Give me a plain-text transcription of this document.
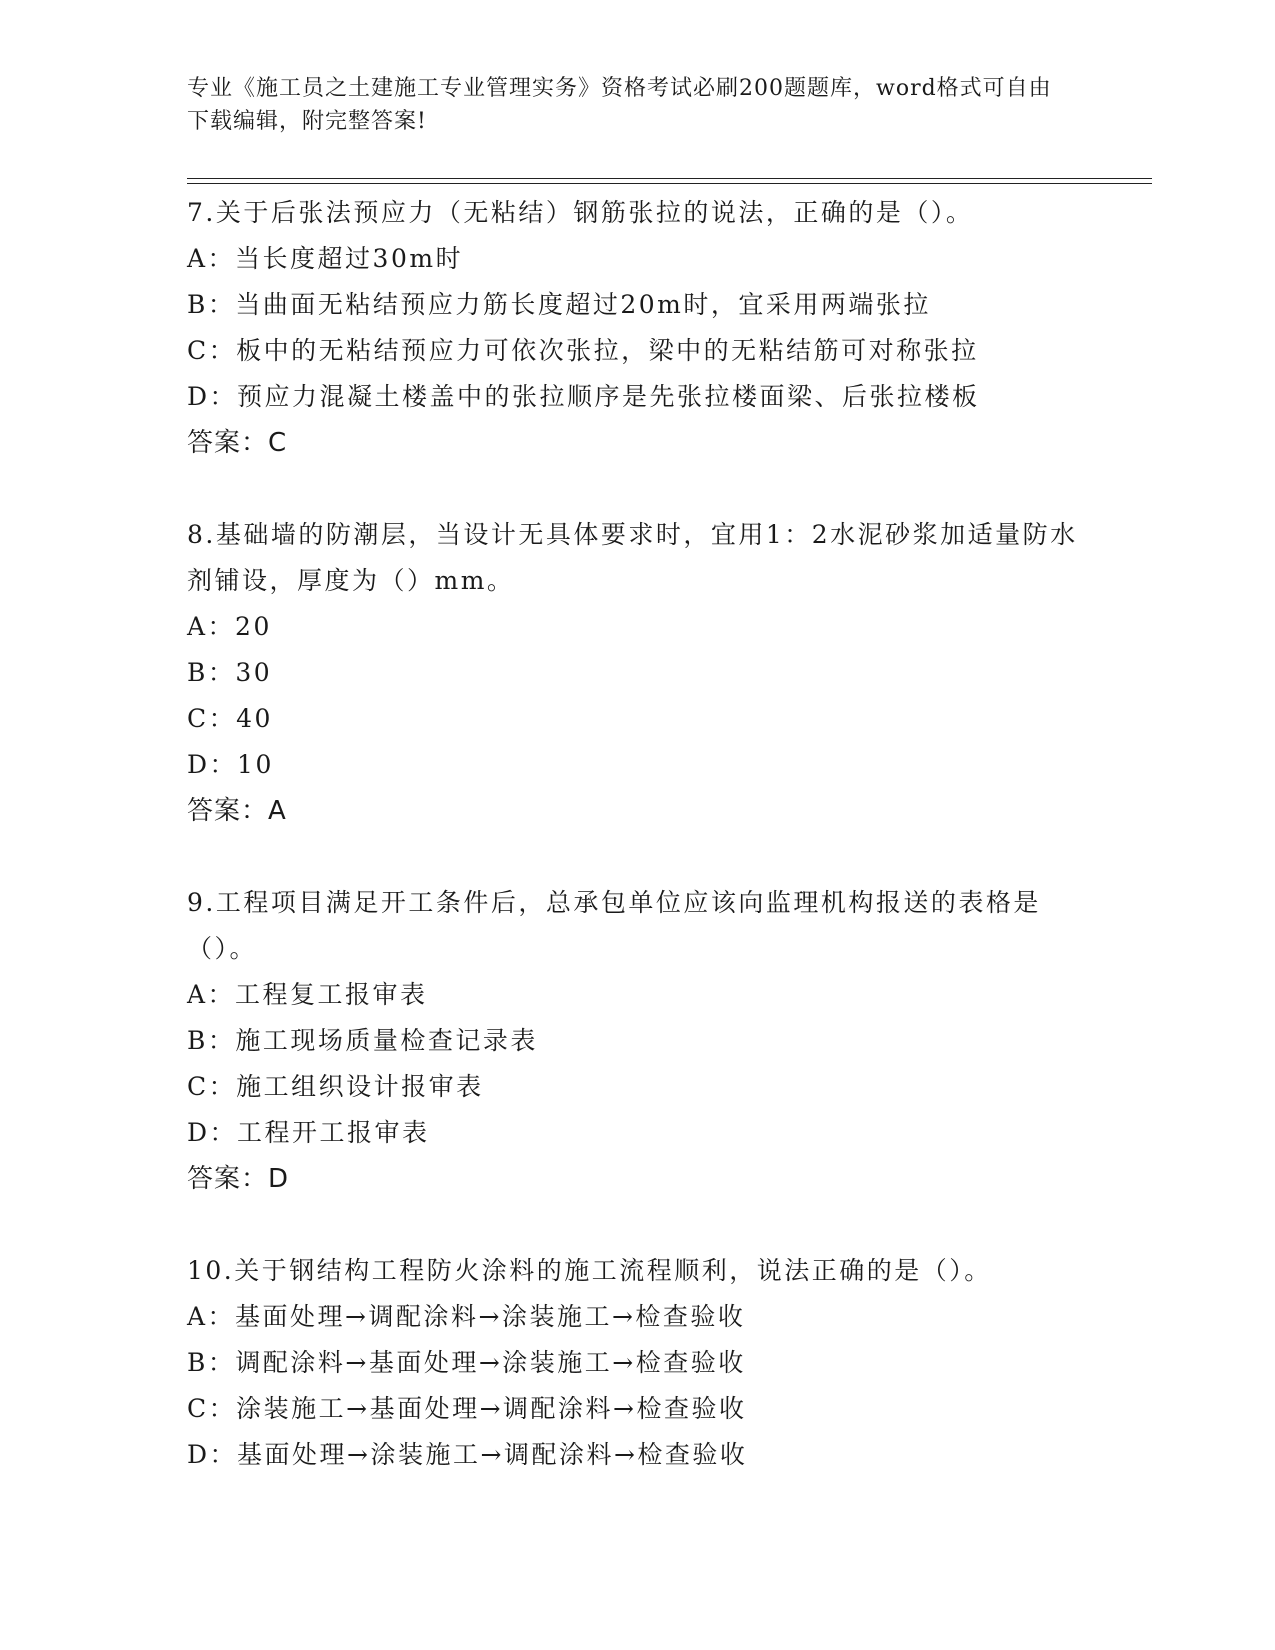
专业《施工员之土建施工专业管理实务》资格考试必刷200题题库，word格式可自由下载编辑，附完整答案!

7.关于后张法预应力（无粘结）钢筋张拉的说法，正确的是（）。

A：当长度超过30m时

B：当曲面无粘结预应力筋长度超过20m时，宜采用两端张拉

C：板中的无粘结预应力可依次张拉，梁中的无粘结筋可对称张拉

D：预应力混凝土楼盖中的张拉顺序是先张拉楼面梁、后张拉楼板

答案：C

8.基础墙的防潮层，当设计无具体要求时，宜用1：2水泥砂浆加适量防水剂铺设，厚度为（）mm。

A：20

B：30

C：40

D：10

答案：A

9.工程项目满足开工条件后，总承包单位应该向监理机构报送的表格是（）。

A：工程复工报审表

B：施工现场质量检查记录表

C：施工组织设计报审表

D：工程开工报审表

答案：D

10.关于钢结构工程防火涂料的施工流程顺利，说法正确的是（）。

A：基面处理→调配涂料→涂装施工→检查验收

B：调配涂料→基面处理→涂装施工→检查验收

C：涂装施工→基面处理→调配涂料→检查验收

D：基面处理→涂装施工→调配涂料→检查验收
